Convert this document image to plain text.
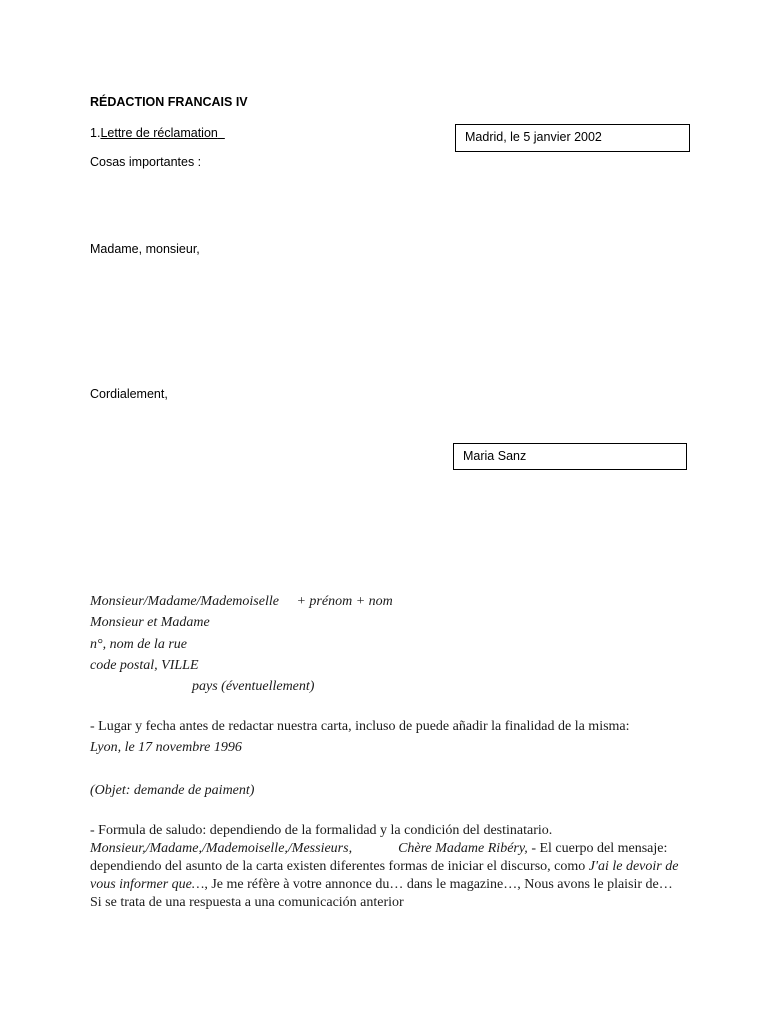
RÉDACTION FRANCAIS IV
1.Lettre de réclamation
Cosas importantes :
Madrid, le 5 janvier 2002
Madame, monsieur,
Cordialement,
Maria Sanz
Monsieur/Madame/Mademoiselle + prénom + nom
Monsieur et Madame
n°, nom de la rue
code postal, VILLE
pays (éventuellement)
- Lugar y fecha antes de redactar nuestra carta, incluso de puede añadir la finalidad de la misma:
Lyon, le 17 novembre 1996
(Objet: demande de paiment)
- Formula de saludo: dependiendo de la formalidad y la condición del destinatario. Monsieur,/Madame,/Mademoiselle,/Messieurs,	Chère Madame Ribéry, - El cuerpo del mensaje: dependiendo del asunto de la carta existen diferentes formas de iniciar el discurso, como J'ai le devoir de vous informer que…, Je me réfère à votre annonce du… dans le magazine…, Nous avons le plaisir de… Si se trata de una respuesta a una comunicación anterior
